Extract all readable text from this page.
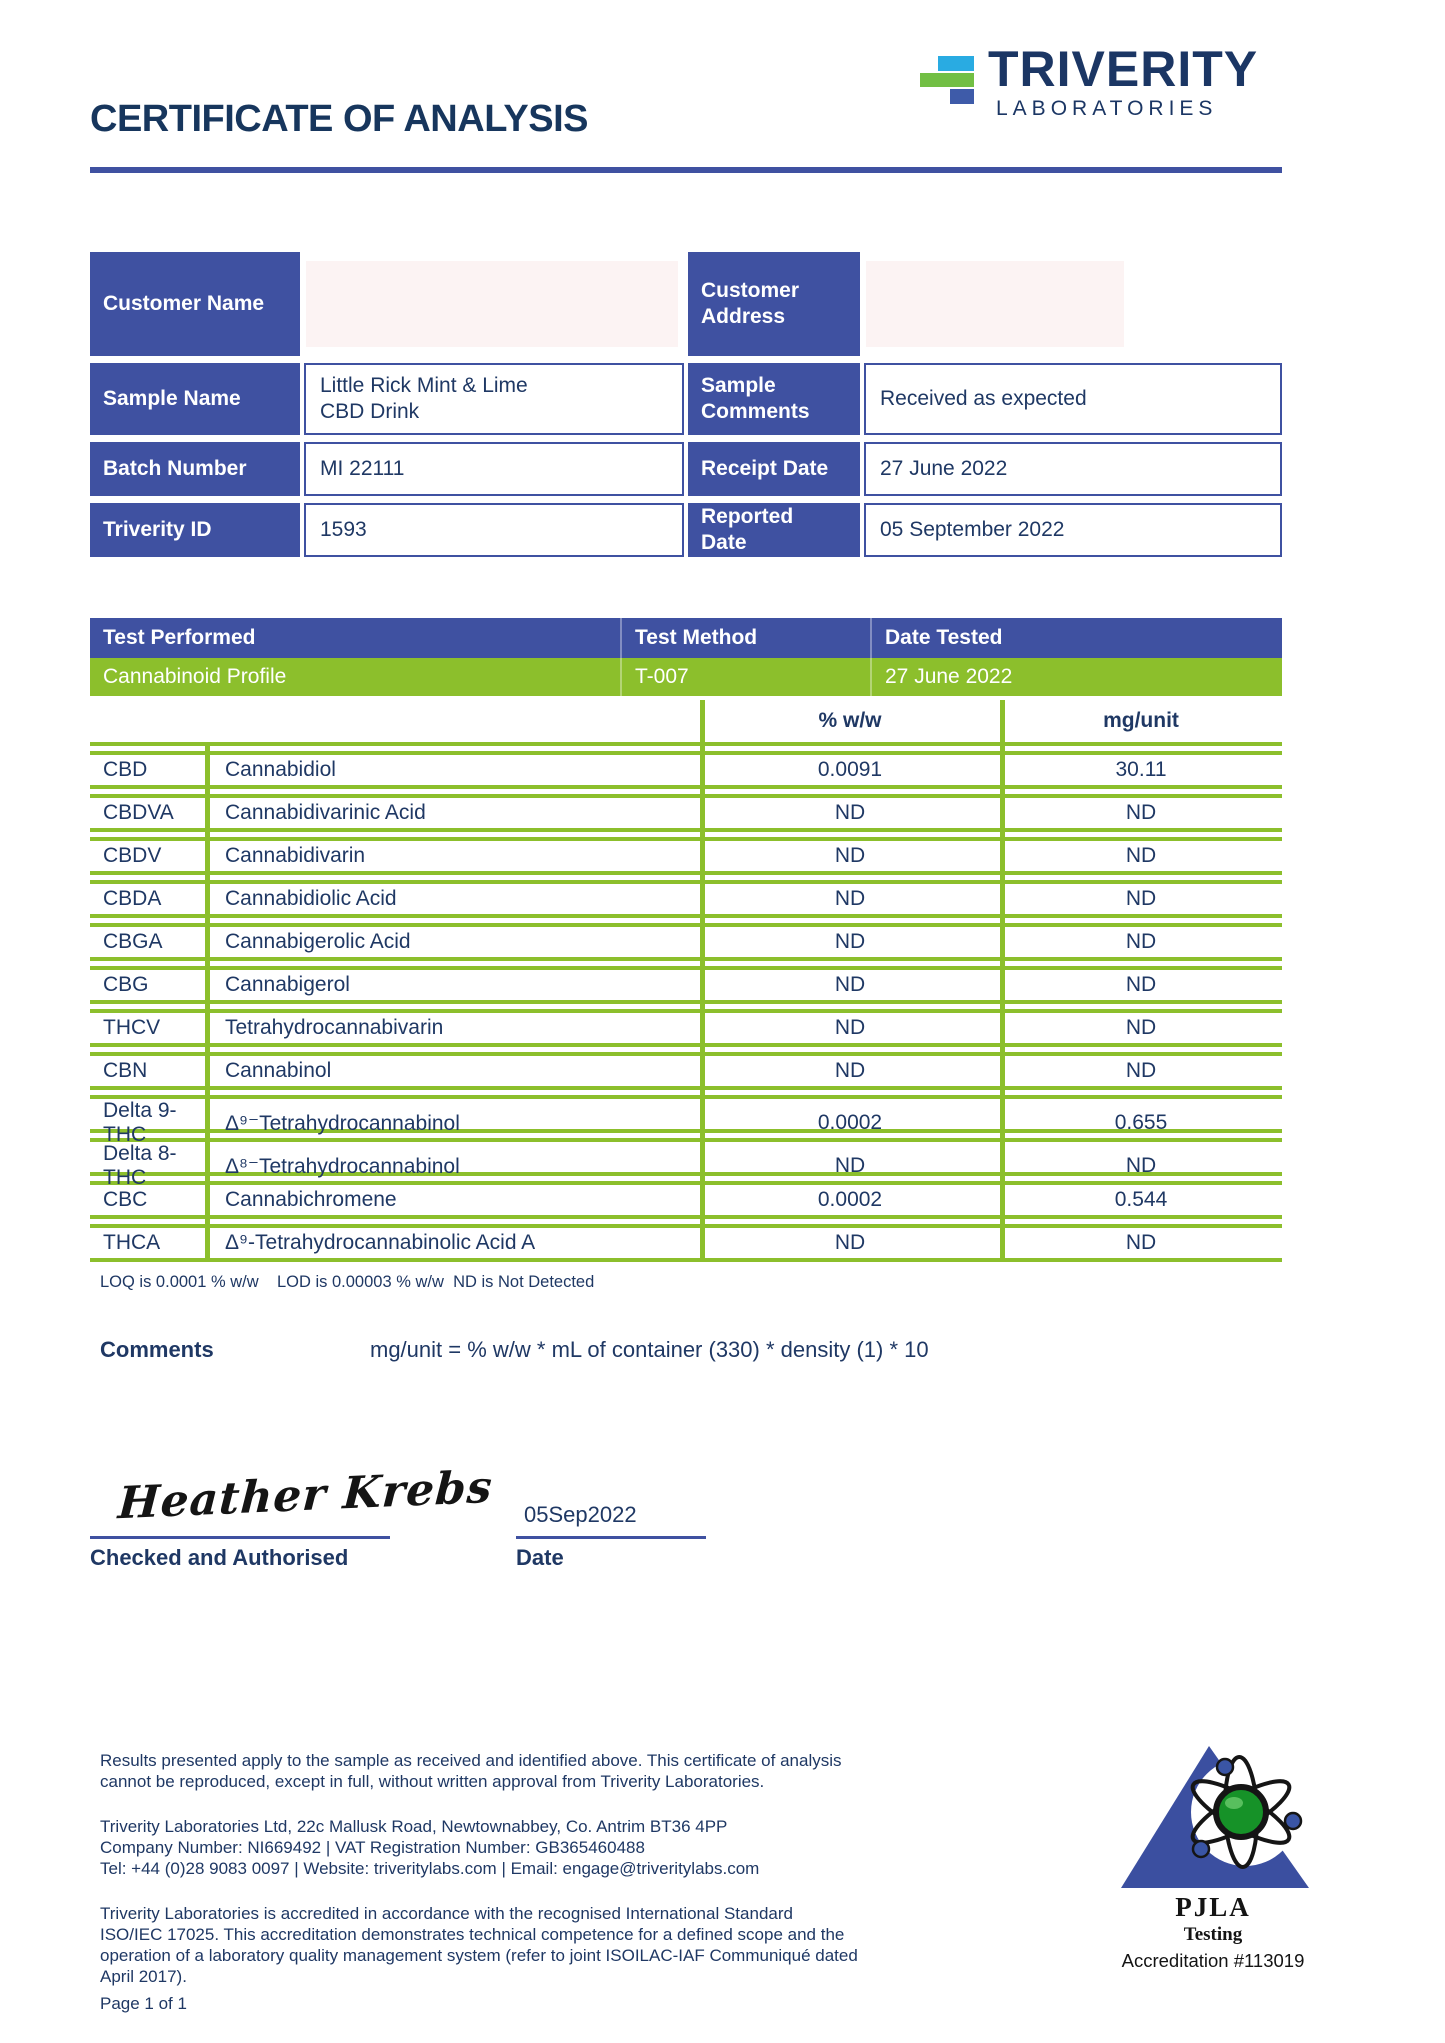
TRIVERITY
LABORATORIES
CERTIFICATE OF ANALYSIS
Customer Name
Customer Address
Sample Name
Little Rick Mint & Lime CBD Drink
Sample Comments
Received as expected
Batch Number	MI 22111	Receipt Date 27 June 2022
Triverity ID	1593
Reported Date
05 September 2022
Test Performed	Test Method	Date Tested
Cannabinoid Profile	T-007	27 June 2022
% w/w	mg/unit
CBD	Cannabidiol	0.0091	30.11
CBDVA	Cannabidivarinic Acid	ND	ND
CBDV	Cannabidivarin	ND	ND
CBDA	Cannabidiolic Acid	ND	ND
CBGA	Cannabigerolic Acid	ND	ND
CBG	Cannabigerol	ND	ND
THCV	Tetrahydrocannabivarin	ND	ND
CBN	Cannabinol	ND	ND
Delta 9-THC	Δ⁹⁻Tetrahydrocannabinol	0.0002	0.655
Delta 8-THC	Δ⁸⁻Tetrahydrocannabinol	ND	ND
CBC	Cannabichromene	0.0002	0.544
THCA	Δ⁹-Tetrahydrocannabinolic Acid A	ND	ND
LOQ is 0.0001 % w/w    LOD is 0.00003 % w/w  ND is Not Detected
Comments	mg/unit = % w/w * mL of container (330) * density (1) * 10
Heather Krebs
Checked and Authorised
05Sep2022
Date

Results presented apply to the sample as received and identified above. This certificate of analysis cannot be reproduced, except in full, without written approval from Triverity Laboratories.

Triverity Laboratories Ltd, 22c Mallusk Road, Newtownabbey, Co. Antrim BT36 4PP
Company Number: NI669492 | VAT Registration Number: GB365460488
Tel: +44 (0)28 9083 0097 | Website: triveritylabs.com | Email: engage@triveritylabs.com

Triverity Laboratories is accredited in accordance with the recognised International Standard ISO/IEC 17025. This accreditation demonstrates technical competence for a defined scope and the operation of a laboratory quality management system (refer to joint ISOILAC-IAF Communiqué dated April 2017).

Page 1 of 1

PJLA
Testing
Accreditation #113019
